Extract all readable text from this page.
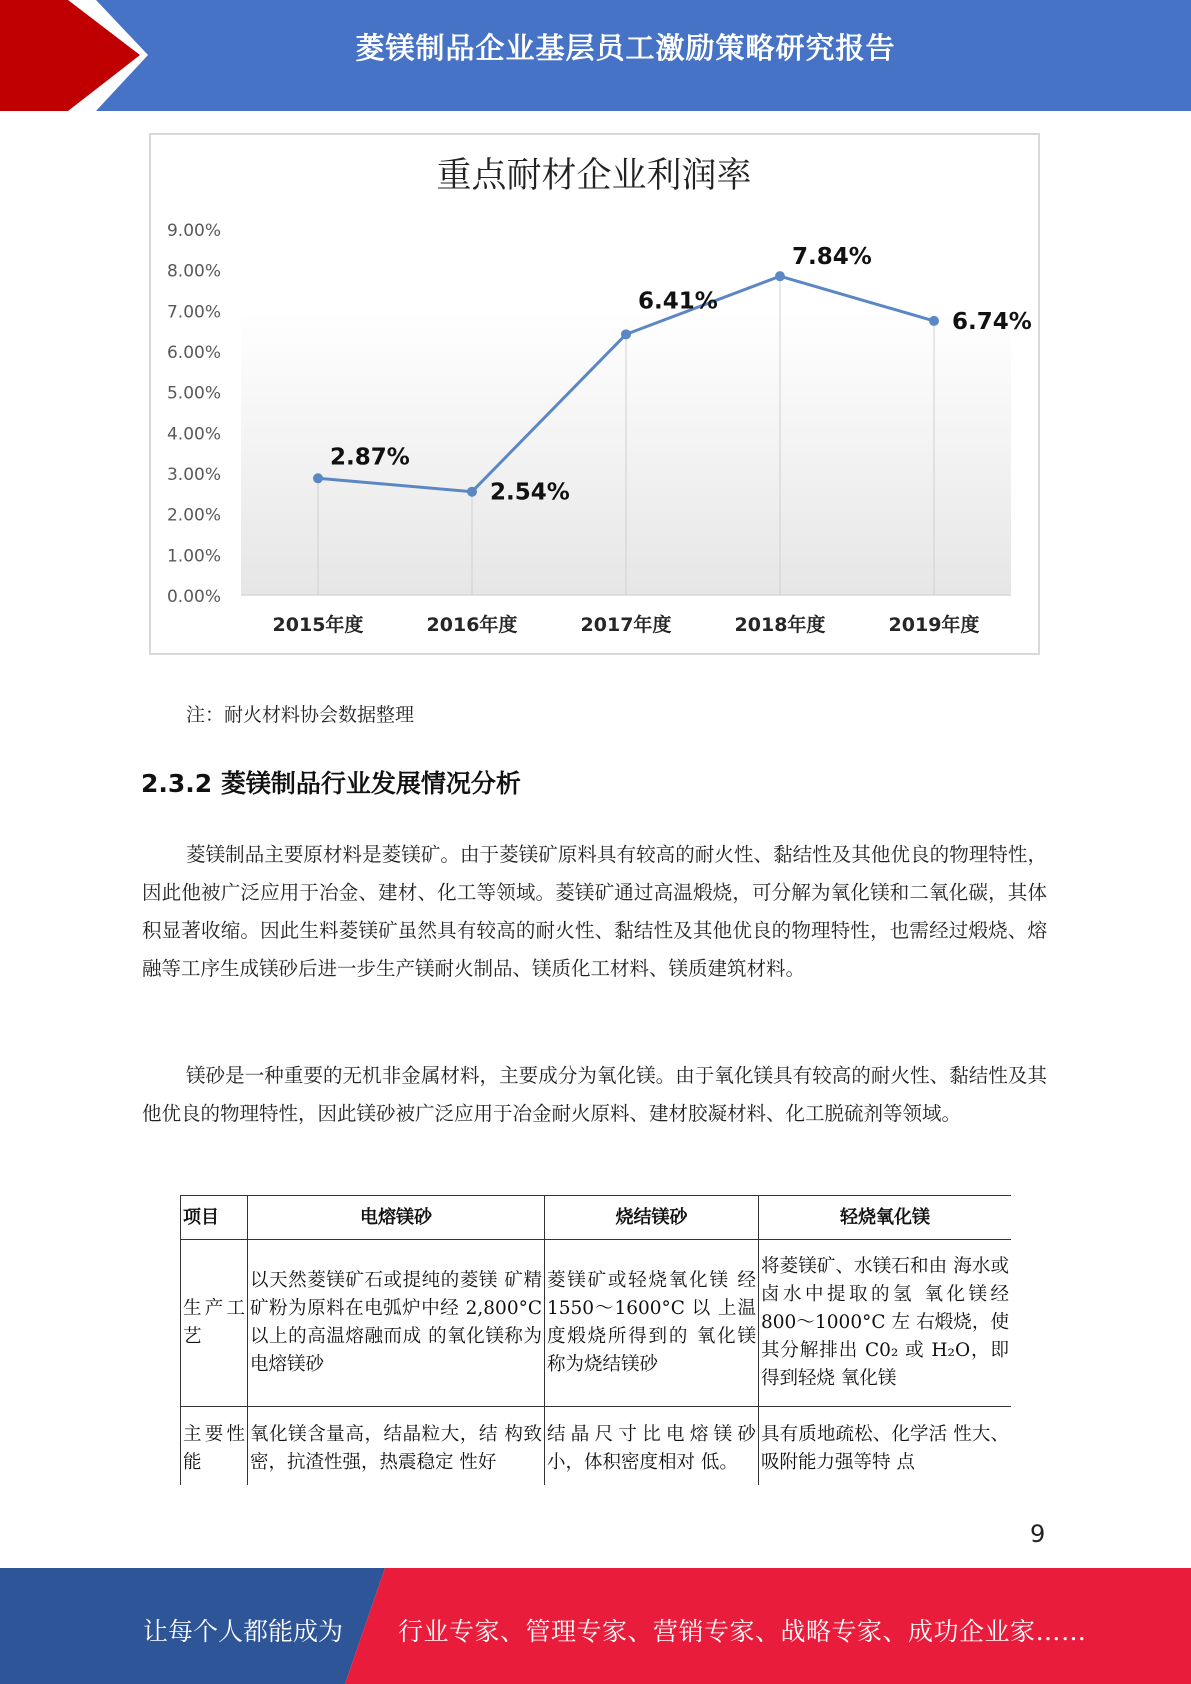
菱镁制品企业基层员工激励策略研究报告
重点耐材企业利润率
0.00%
1.00%
2.00%
3.00%
4.00%
5.00%
6.00%
7.00%
8.00%
9.00%
2015年度	2016年度	2017年度	2018年度	2019年度
2.87%
2.54%
6.41%
7.84%
6.74%
注：耐火材料协会数据整理
2.3.2 菱镁制品行业发展情况分析

菱镁制品主要原材料是菱镁矿。由于菱镁矿原料具有较高的耐火性、黏结性及其他优良的物理特性，因此他被广泛应用于冶金、建材、化工等领域。菱镁矿通过高温煅烧，可分解为氧化镁和二氧化碳，其体积显著收缩。因此生料菱镁矿虽然具有较高的耐火性、黏结性及其他优良的物理特性，也需经过煅烧、熔融等工序生成镁砂后进一步生产镁耐火制品、镁质化工材料、镁质建筑材料。

镁砂是一种重要的无机非金属材料，主要成分为氧化镁。由于氧化镁具有较高的耐火性、黏结性及其他优良的物理特性，因此镁砂被广泛应用于冶金耐火原料、建材胶凝材料、化工脱硫剂等领域。

项目	电熔镁砂	烧结镁砂	轻烧氧化镁
生产工艺	以天然菱镁矿石或提纯的菱镁 矿精矿粉为原料在电弧炉中经 2,800°C 以上的高温熔融而成 的氧化镁称为电熔镁砂	菱镁矿或轻烧氧化镁 经 1550～1600°C 以 上温度煅烧所得到的 氧化镁称为烧结镁砂	将菱镁矿、水镁石和由 海水或卤水中提取的氢 氧化镁经 800～1000°C 左 右煅烧，使其分解排出 C0₂ 或 H₂O，即得到轻烧 氧化镁
主要性能	氧化镁含量高，结晶粒大，结 构致密，抗渣性强，热震稳定 性好	结晶尺寸比电熔镁砂 小，体积密度相对 低。	具有质地疏松、化学活 性大、吸附能力强等特 点
9
让每个人都能成为 行业专家、管理专家、营销专家、战略专家、成功企业家……
